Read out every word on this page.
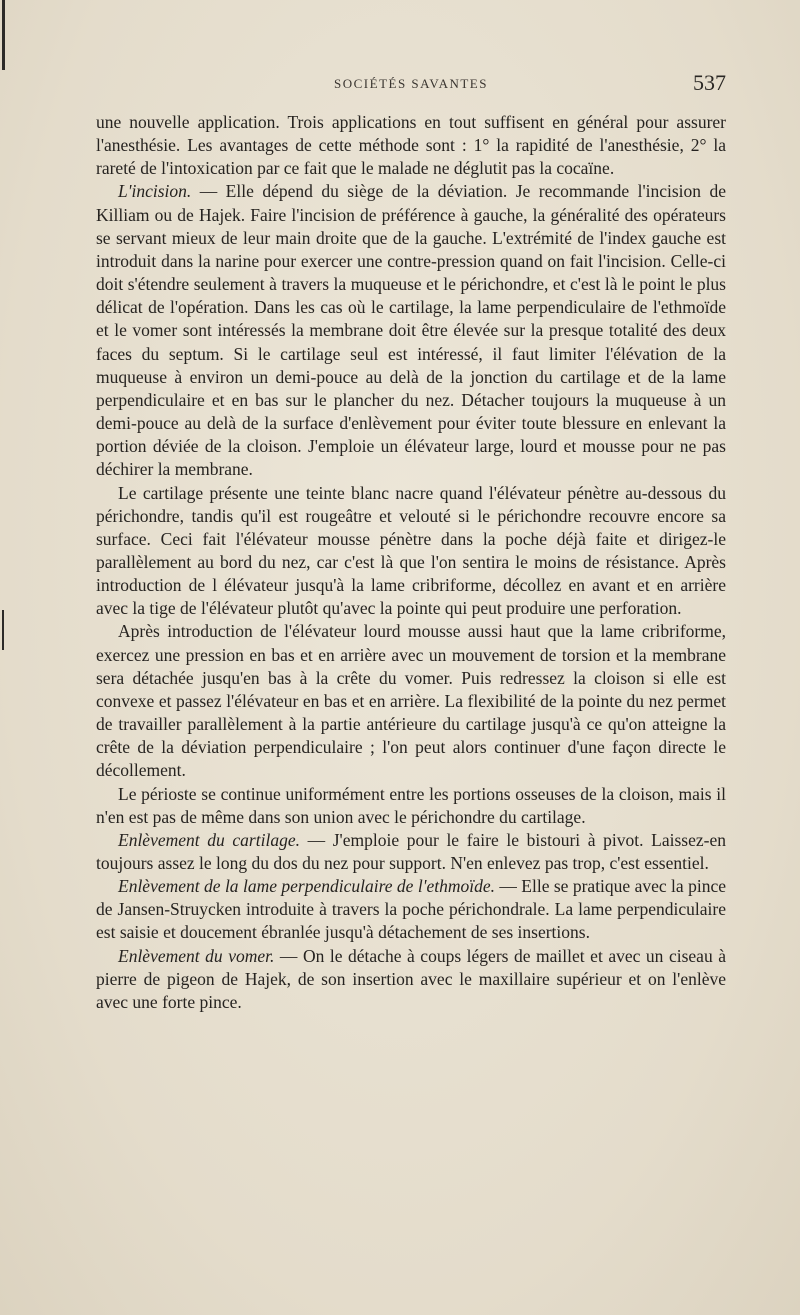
SOCIÉTÉS SAVANTES	537

une nouvelle application. Trois applications en tout suffisent en général pour assurer l'anesthésie. Les avantages de cette méthode sont : 1° la rapidité de l'anesthésie, 2° la rareté de l'intoxication par ce fait que le malade ne déglutit pas la cocaïne.

L'incision. — Elle dépend du siège de la déviation. Je recommande l'incision de Killiam ou de Hajek. Faire l'incision de préférence à gauche, la généralité des opérateurs se servant mieux de leur main droite que de la gauche. L'extrémité de l'index gauche est introduit dans la narine pour exercer une contre-pression quand on fait l'incision. Celle-ci doit s'étendre seulement à travers la muqueuse et le périchondre, et c'est là le point le plus délicat de l'opération. Dans les cas où le cartilage, la lame perpendiculaire de l'ethmoïde et le vomer sont intéressés la membrane doit être élevée sur la presque totalité des deux faces du septum. Si le cartilage seul est intéressé, il faut limiter l'élévation de la muqueuse à environ un demi-pouce au delà de la jonction du cartilage et de la lame perpendiculaire et en bas sur le plancher du nez. Détacher toujours la muqueuse à un demi-pouce au delà de la surface d'enlèvement pour éviter toute blessure en enlevant la portion déviée de la cloison. J'emploie un élévateur large, lourd et mousse pour ne pas déchirer la membrane.

Le cartilage présente une teinte blanc nacre quand l'élévateur pénètre au-dessous du périchondre, tandis qu'il est rougeâtre et velouté si le périchondre recouvre encore sa surface. Ceci fait l'élévateur mousse pénètre dans la poche déjà faite et dirigez-le parallèlement au bord du nez, car c'est là que l'on sentira le moins de résistance. Après introduction de l élévateur jusqu'à la lame cribriforme, décollez en avant et en arrière avec la tige de l'élévateur plutôt qu'avec la pointe qui peut produire une perforation.

Après introduction de l'élévateur lourd mousse aussi haut que la lame cribriforme, exercez une pression en bas et en arrière avec un mouvement de torsion et la membrane sera détachée jusqu'en bas à la crête du vomer. Puis redressez la cloison si elle est convexe et passez l'élévateur en bas et en arrière. La flexibilité de la pointe du nez permet de travailler parallèlement à la partie antérieure du cartilage jusqu'à ce qu'on atteigne la crête de la déviation perpendiculaire ; l'on peut alors continuer d'une façon directe le décollement.

Le périoste se continue uniformément entre les portions osseuses de la cloison, mais il n'en est pas de même dans son union avec le périchondre du cartilage.

Enlèvement du cartilage. — J'emploie pour le faire le bistouri à pivot. Laissez-en toujours assez le long du dos du nez pour support. N'en enlevez pas trop, c'est essentiel.

Enlèvement de la lame perpendiculaire de l'ethmoïde. — Elle se pratique avec la pince de Jansen-Struycken introduite à travers la poche périchondrale. La lame perpendiculaire est saisie et doucement ébranlée jusqu'à détachement de ses insertions.

Enlèvement du vomer. — On le détache à coups légers de maillet et avec un ciseau à pierre de pigeon de Hajek, de son insertion avec le maxillaire supérieur et on l'enlève avec une forte pince.
